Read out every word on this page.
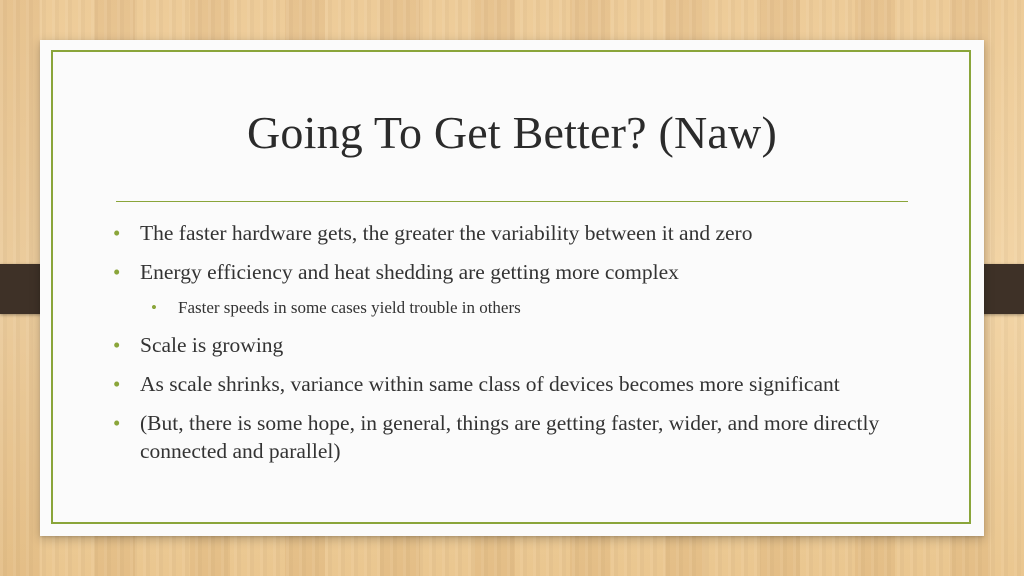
Going To Get Better? (Naw)
• The faster hardware gets, the greater the variability between it and zero
• Energy efficiency and heat shedding are getting more complex
• Faster speeds in some cases yield trouble in others
• Scale is growing
• As scale shrinks, variance within same class of devices becomes more significant
• (But, there is some hope, in general, things are getting faster, wider, and more directly connected and parallel)
